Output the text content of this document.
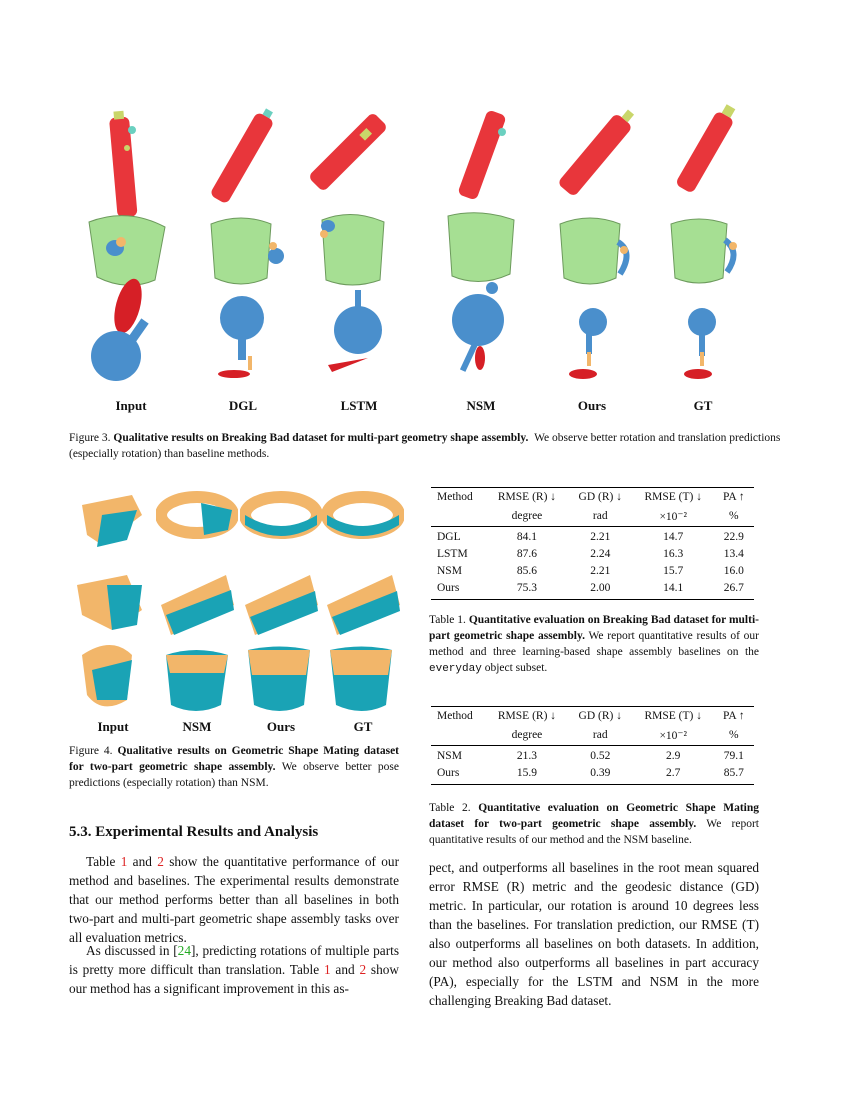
Input	DGL	LSTM	NSM	Ours	GT
Figure 3. Qualitative results on Breaking Bad dataset for multi-part geometry shape assembly. We observe better rotation and translation predictions (especially rotation) than baseline methods.
Input	NSM	Ours	GT
Figure 4. Qualitative results on Geometric Shape Mating dataset for two-part geometric shape assembly. We observe better pose predictions (especially rotation) than NSM.
Method	RMSE (R) ↓	GD (R) ↓	RMSE (T) ↓	PA ↑
	degree	rad	×10⁻²	%
DGL	84.1	2.21	14.7	22.9
LSTM	87.6	2.24	16.3	13.4
NSM	85.6	2.21	15.7	16.0
Ours	75.3	2.00	14.1	26.7
Table 1. Quantitative evaluation on Breaking Bad dataset for multi-part geometric shape assembly. We report quantitative results of our method and three learning-based shape assembly baselines on the everyday object subset.
Method	RMSE (R) ↓	GD (R) ↓	RMSE (T) ↓	PA ↑
	degree	rad	×10⁻²	%
NSM	21.3	0.52	2.9	79.1
Ours	15.9	0.39	2.7	85.7
Table 2. Quantitative evaluation on Geometric Shape Mating dataset for two-part geometric shape assembly. We report quantitative results of our method and the NSM baseline.
5.3. Experimental Results and Analysis
Table 1 and 2 show the quantitative performance of our method and baselines. The experimental results demonstrate that our method performs better than all baselines in both two-part and multi-part geometric shape assembly tasks over all evaluation metrics.
As discussed in [24], predicting rotations of multiple parts is pretty more difficult than translation. Table 1 and 2 show our method has a significant improvement in this as-
pect, and outperforms all baselines in the root mean squared error RMSE (R) metric and the geodesic distance (GD) metric. In particular, our rotation is around 10 degrees less than the baselines. For translation prediction, our RMSE (T) also outperforms all baselines on both datasets. In addition, our method also outperforms all baselines in part accuracy (PA), especially for the LSTM and NSM in the more challenging Breaking Bad dataset.
